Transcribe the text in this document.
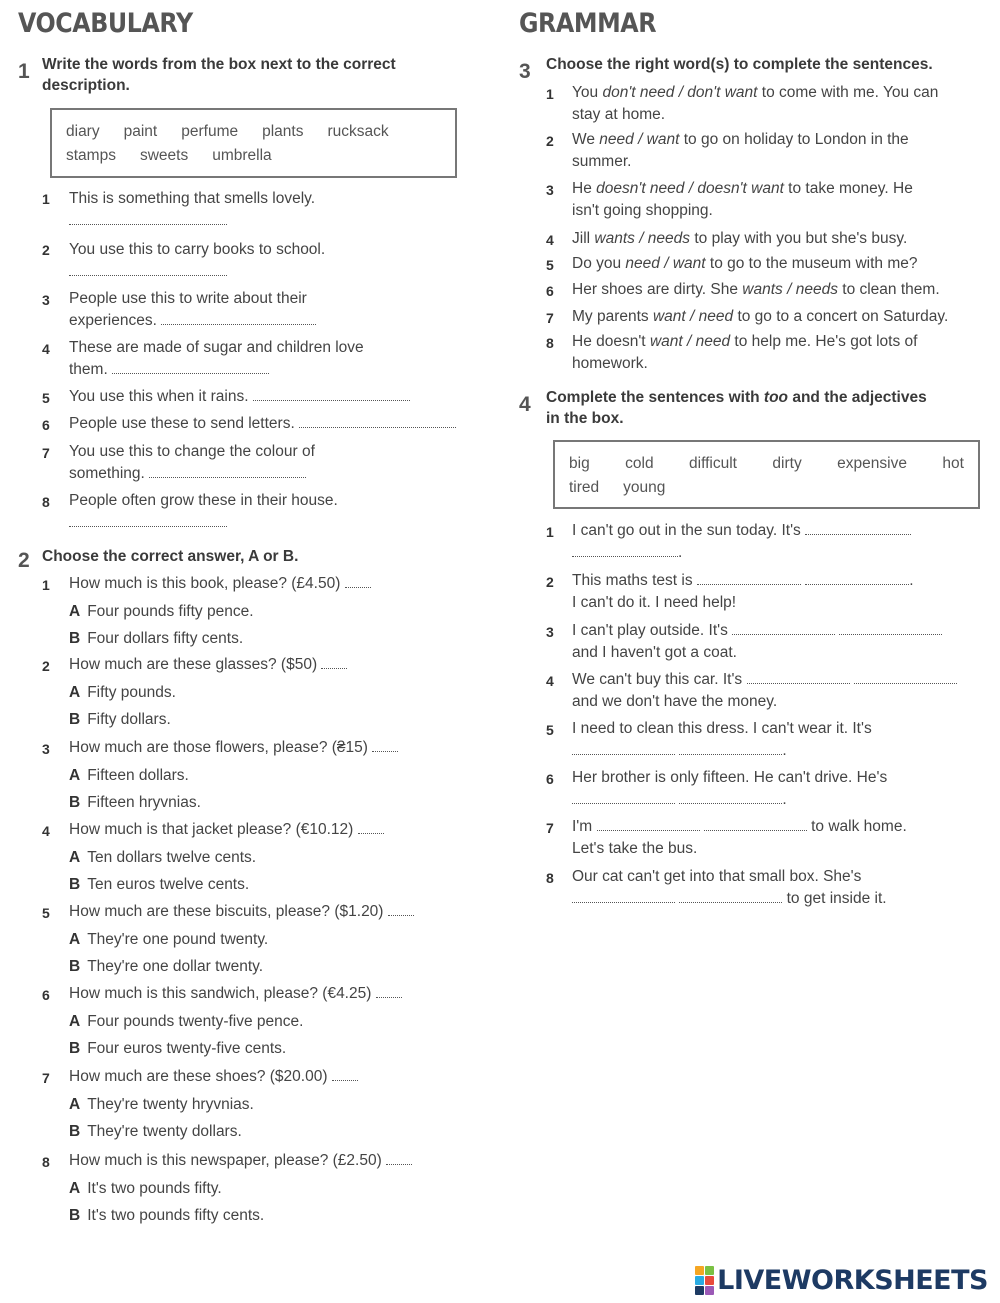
VOCABULARY
1 Write the words from the box next to the correct
description.
diary paint perfume plants rucksack
stamps sweets umbrella
1 This is something that smells lovely.
2 You use this to carry books to school.
3 People use this to write about their
experiences.
4 These are made of sugar and children love
them.
5 You use this when it rains.
6 People use these to send letters.
7 You use this to change the colour of
something.
8 People often grow these in their house.
2 Choose the correct answer, A or B.
1 How much is this book, please? (£4.50)
A Four pounds fifty pence.
B Four dollars fifty cents.
2 How much are these glasses? ($50)
A Fifty pounds.
B Fifty dollars.
3 How much are those flowers, please? (₴15)
A Fifteen dollars.
B Fifteen hryvnias.
4 How much is that jacket please? (€10.12)
A Ten dollars twelve cents.
B Ten euros twelve cents.
5 How much are these biscuits, please? ($1.20)
A They're one pound twenty.
B They're one dollar twenty.
6 How much is this sandwich, please? (€4.25)
A Four pounds twenty-five pence.
B Four euros twenty-five cents.
7 How much are these shoes? ($20.00)
A They're twenty hryvnias.
B They're twenty dollars.
8 How much is this newspaper, please? (£2.50)
A It's two pounds fifty.
B It's two pounds fifty cents.
GRAMMAR
3 Choose the right word(s) to complete the sentences.
1 You don't need / don't want to come with me. You can
stay at home.
2 We need / want to go on holiday to London in the
summer.
3 He doesn't need / doesn't want to take money. He
isn't going shopping.
4 Jill wants / needs to play with you but she's busy.
5 Do you need / want to go to the museum with me?
6 Her shoes are dirty. She wants / needs to clean them.
7 My parents want / need to go to a concert on Saturday.
8 He doesn't want / need to help me. He's got lots of
homework.
4 Complete the sentences with too and the adjectives
in the box.
big cold difficult dirty expensive hot
tired young
1 I can't go out in the sun today. It's
.
2 This maths test is	.
I can't do it. I need help!
3 I can't play outside. It's
and I haven't got a coat.
4 We can't buy this car. It's
and we don't have the money.
5 I need to clean this dress. I can't wear it. It's
.
6 Her brother is only fifteen. He can't drive. He's
.
7 I'm	to walk home.
Let's take the bus.
8 Our cat can't get into that small box. She's
to get inside it.
LIVEWORKSHEETS
